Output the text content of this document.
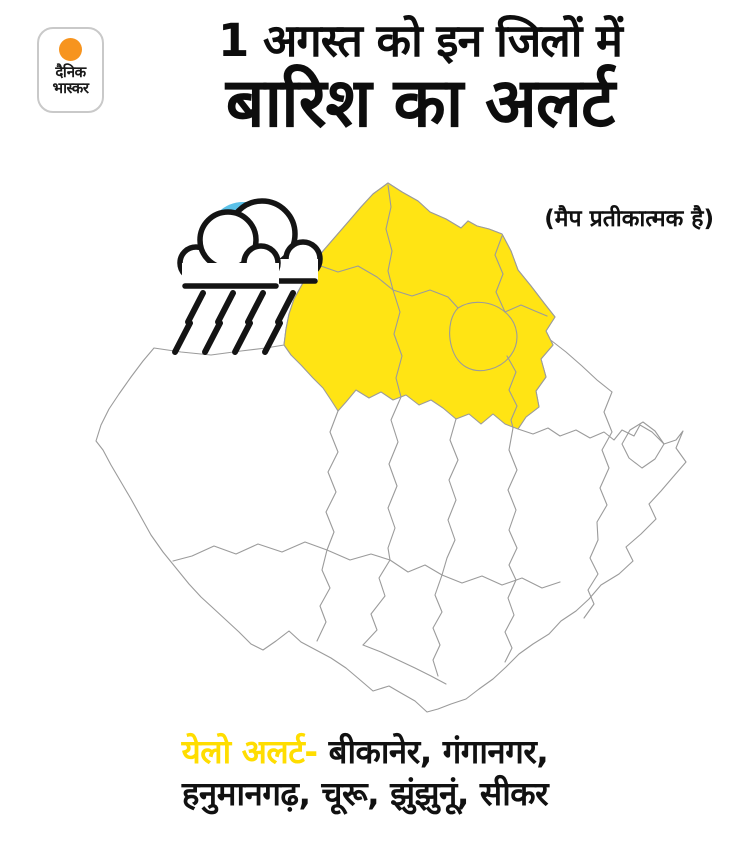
दैनिक
भास्कर
1 अगस्त को इन जिलों में
बारिश का अलर्ट
(मैप प्रतीकात्मक है)
येलो अलर्ट- बीकानेर, गंगानगर,
हनुमानगढ़, चूरू, झुंझुनूं, सीकर
